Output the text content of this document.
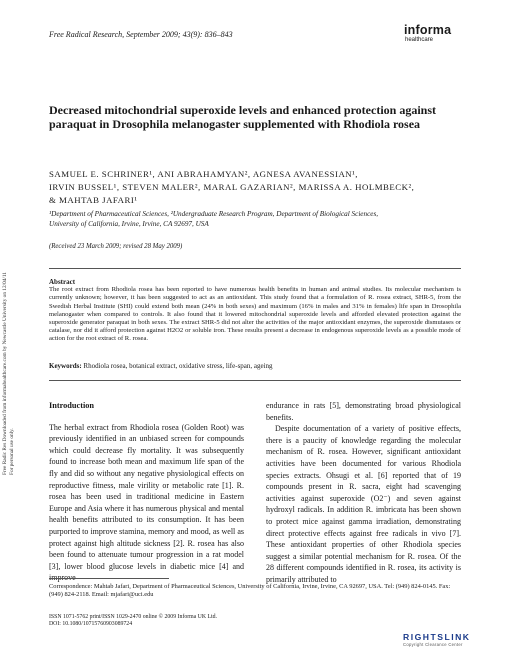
Free Radic Res Downloaded from informahealthcare.com by Newcastle University on 12/04/11 For personal use only.
Free Radical Research, September 2009; 43(9): 836–843	informa
healthcare
Decreased mitochondrial superoxide levels and enhanced protection against paraquat in Drosophila melanogaster supplemented with Rhodiola rosea
SAMUEL E. SCHRINER¹, ANI ABRAHAMYAN², AGNESA AVANESSIAN¹,
IRVIN BUSSEL¹, STEVEN MALER², MARAL GAZARIAN², MARISSA A. HOLMBECK²,
& MAHTAB JAFARI¹
¹Department of Pharmaceutical Sciences, ²Undergraduate Research Program, Department of Biological Sciences,
University of California, Irvine, Irvine, CA 92697, USA
(Received 23 March 2009; revised 28 May 2009)
Abstract
The root extract from Rhodiola rosea has been reported to have numerous health benefits in human and animal studies. Its molecular mechanism is currently unknown; however, it has been suggested to act as an antioxidant. This study found that a formulation of R. rosea extract, SHR-5, from the Swedish Herbal Institute (SHI) could extend both mean (24% in both sexes) and maximum (16% in males and 31% in females) life span in Drosophila melanogaster when compared to controls. It also found that it lowered mitochondrial superoxide levels and afforded elevated protection against the superoxide generator paraquat in both sexes. The extract SHR-5 did not alter the activities of the major antioxidant enzymes, the superoxide dismutases or catalase, nor did it afford protection against H2O2 or soluble iron. These results present a decrease in endogenous superoxide levels as a possible mode of action for the root extract of R. rosea.
Keywords: Rhodiola rosea, botanical extract, oxidative stress, life-span, ageing
Introduction

The herbal extract from Rhodiola rosea (Golden Root) was previously identified in an unbiased screen for compounds which could decrease fly mortality. It was subsequently found to increase both mean and maximum life span of the fly and did so without any negative physiological effects on reproductive fitness, male virility or metabolic rate [1]. R. rosea has been used in traditional medicine in Eastern Europe and Asia where it has numerous physical and mental health benefits attributed to its consumption. It has been purported to improve stamina, memory and mood, as well as protect against high altitude sickness [2]. R. rosea has also been found to attenuate tumour progression in a rat model [3], lower blood glucose levels in diabetic mice [4] and improve

endurance in rats [5], demonstrating broad physiological benefits.

Despite documentation of a variety of positive effects, there is a paucity of knowledge regarding the molecular mechanism of R. rosea. However, significant antioxidant activities have been documented for various Rhodiola species extracts. Ohsugi et al. [6] reported that of 19 compounds present in R. sacra, eight had scavenging activities against superoxide (O2⁻) and seven against hydroxyl radicals. In addition R. imbricata has been shown to protect mice against gamma irradiation, demonstrating direct protective effects against free radicals in vivo [7]. These antioxidant properties of other Rhodiola species suggest a similar potential mechanism for R. rosea. Of the 28 different compounds identified in R. rosea, its activity is primarily attributed to

Correspondence: Mahtab Jafari, Department of Pharmaceutical Sciences, University of California, Irvine, Irvine, CA 92697, USA. Tel: (949) 824-0145. Fax: (949) 824-2118. Email: mjafari@uci.edu
ISSN 1071-5762 print/ISSN 1029-2470 online © 2009 Informa UK Ltd.
DOI: 10.1080/10715760903089724
RIGHTSLINK
Copyright Clearance Center
